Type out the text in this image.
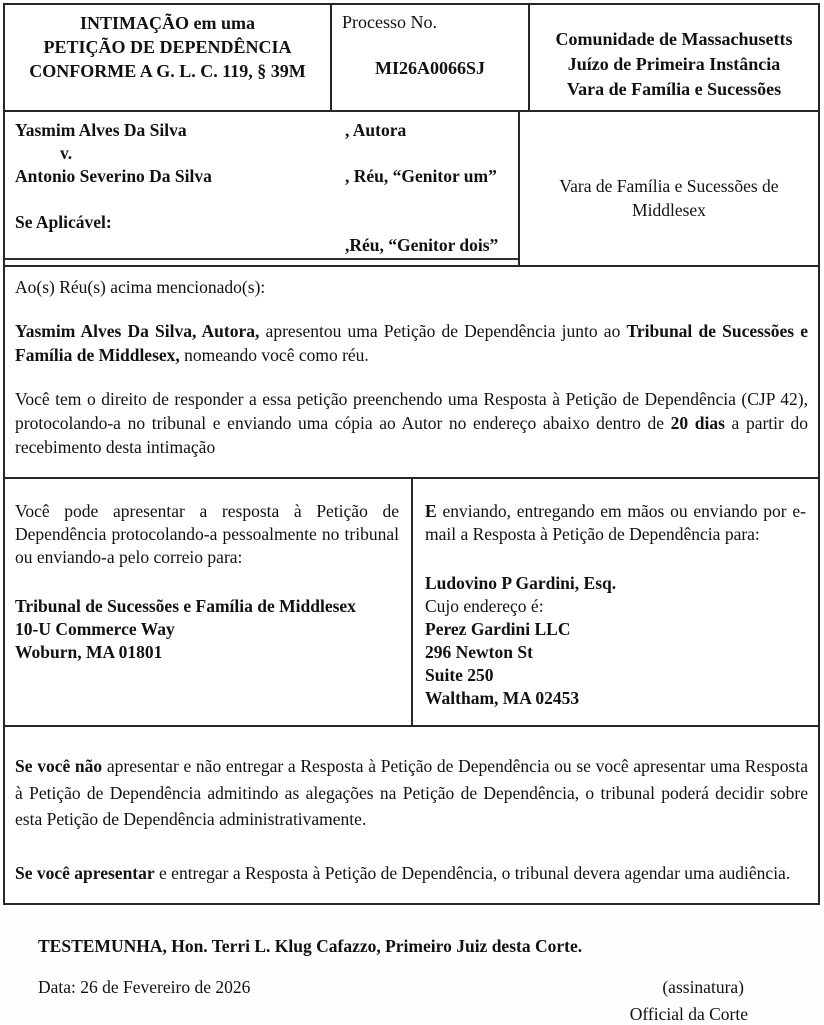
INTIMAÇÃO em uma
PETIÇÃO DE DEPENDÊNCIA
CONFORME A G. L. C. 119, § 39M
Processo No.
MI26A0066SJ
Comunidade de Massachusetts
Juízo de Primeira Instância
Vara de Família e Sucessões
Yasmim Alves Da Silva	, Autora
v.
Antonio Severino Da Silva	, Réu, “Genitor um”
Se Aplicável:
,Réu, “Genitor dois”
Vara de Família e Sucessões de Middlesex

Ao(s) Réu(s) acima mencionado(s):

Yasmim Alves Da Silva, Autora, apresentou uma Petição de Dependência junto ao Tribunal de Sucessões e Família de Middlesex, nomeando você como réu.

Você tem o direito de responder a essa petição preenchendo uma Resposta à Petição de Dependência (CJP 42), protocolando-a no tribunal e enviando uma cópia ao Autor no endereço abaixo dentro de 20 dias a partir do recebimento desta intimação

Você pode apresentar a resposta à Petição de Dependência protocolando-a pessoalmente no tribunal ou enviando-a pelo correio para:

Tribunal de Sucessões e Família de Middlesex
10-U Commerce Way
Woburn, MA 01801

E enviando, entregando em mãos ou enviando por e-mail a Resposta à Petição de Dependência para:

Ludovino P Gardini, Esq.
Cujo endereço é:
Perez Gardini LLC
296 Newton St
Suite 250
Waltham, MA 02453

Se você não apresentar e não entregar a Resposta à Petição de Dependência ou se você apresentar uma Resposta à Petição de Dependência admitindo as alegações na Petição de Dependência, o tribunal poderá decidir sobre esta Petição de Dependência administrativamente.

Se você apresentar e entregar a Resposta à Petição de Dependência, o tribunal devera agendar uma audiência.

TESTEMUNHA, Hon. Terri L. Klug Cafazzo, Primeiro Juiz desta Corte.
Data: 26 de Fevereiro de 2026	(assinatura)
Official da Corte
